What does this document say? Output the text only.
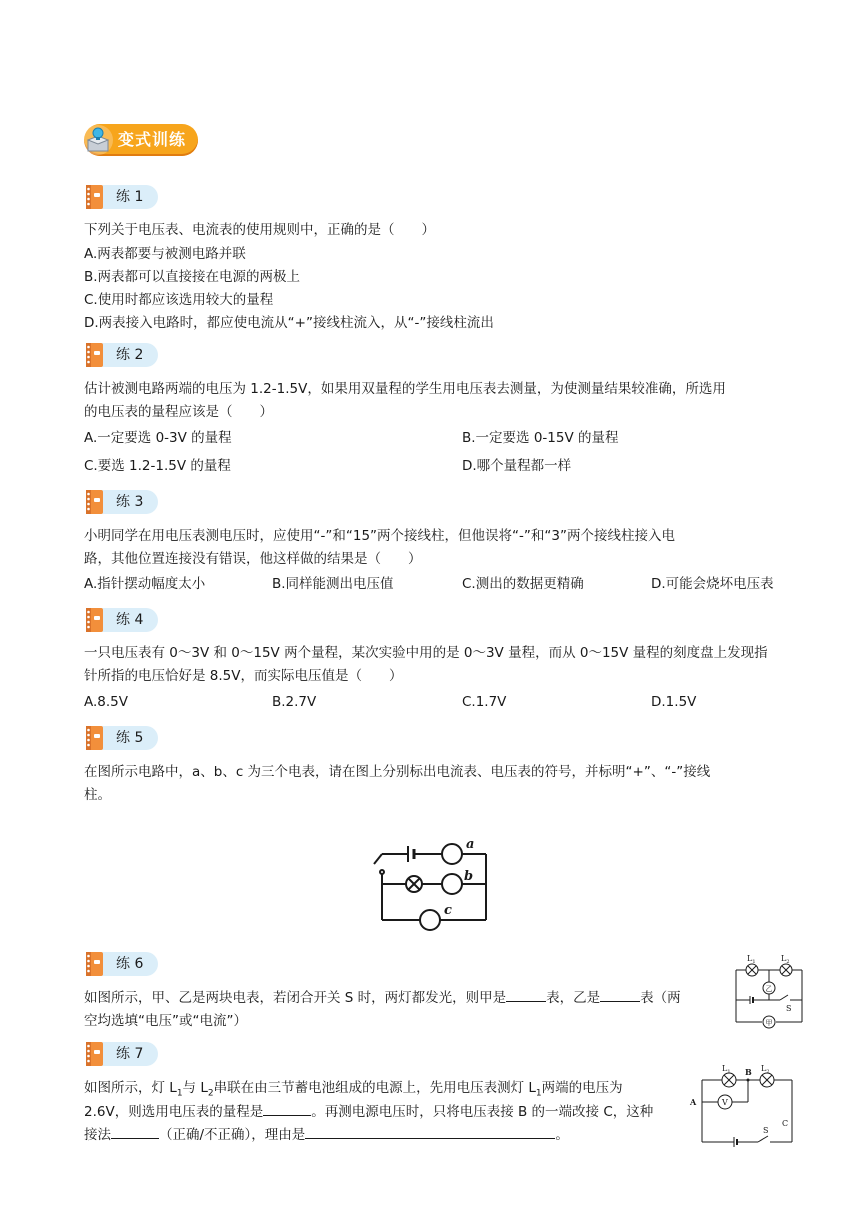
变式训练
练 1
下列关于电压表、电流表的使用规则中，正确的是（　　）
A.两表都要与被测电路并联
B.两表都可以直接接在电源的两极上
C.使用时都应该选用较大的量程
D.两表接入电路时，都应使电流从“+”接线柱流入，从“-”接线柱流出
练 2
估计被测电路两端的电压为 1.2-1.5V，如果用双量程的学生用电压表去测量，为使测量结果较准确，所选用
的电压表的量程应该是（　　）
A.一定要选 0-3V 的量程	B.一定要选 0-15V 的量程
C.要选 1.2-1.5V 的量程	D.哪个量程都一样
练 3
小明同学在用电压表测电压时，应使用“-”和“15”两个接线柱，但他误将“-”和“3”两个接线柱接入电
路，其他位置连接没有错误，他这样做的结果是（　　）
A.指针摆动幅度太小	B.同样能测出电压值	C.测出的数据更精确	D.可能会烧坏电压表
练 4
一只电压表有 0～3V 和 0～15V 两个量程，某次实验中用的是 0～3V 量程，而从 0～15V 量程的刻度盘上发现指
针所指的电压恰好是 8.5V，而实际电压值是（　　）
A.8.5V	B.2.7V	C.1.7V	D.1.5V
练 5
在图所示电路中，a、b、c 为三个电表，请在图上分别标出电流表、电压表的符号，并标明“+”、“-”接线
柱。
a
b
c
练 6
如图所示，甲、乙是两块电表，若闭合开关 S 时，两灯都发光，则甲是	表，乙是	表（两
空均选填“电压”或“电流”）
$L_1$	$L_2$
乙
甲
S
练 7
如图所示，灯 $L_1$与 $L_2$串联在由三节蓄电池组成的电源上，先用电压表测灯 $L_1$两端的电压为
2.6V，则选用电压表的量程是	。再测电源电压时，只将电压表接 B 的一端改接 C，这种
接法	（正确/不正确），理由是	。
$L_1$	$L_2$
B
A
C
V
S
